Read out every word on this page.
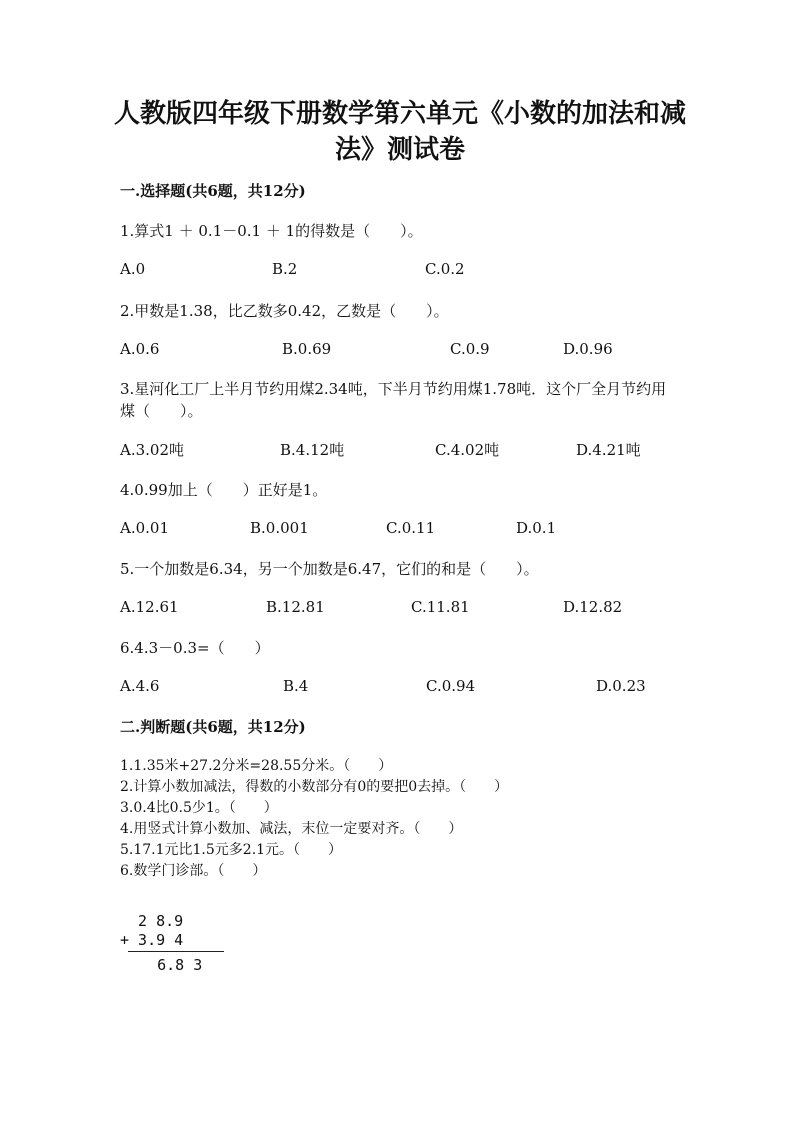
人教版四年级下册数学第六单元《小数的加法和减法》测试卷
一.选择题(共6题，共12分)
1.算式1 ＋ 0.1－0.1 ＋ 1的得数是（　　）。
A.0	B.2	C.0.2
2.甲数是1.38，比乙数多0.42，乙数是（　　）。
A.0.6	B.0.69	C.0.9	D.0.96
3.星河化工厂上半月节约用煤2.34吨，下半月节约用煤1.78吨．这个厂全月节约用煤（　　）。
A.3.02吨	B.4.12吨	C.4.02吨	D.4.21吨
4.0.99加上（　　）正好是1。
A.0.01	B.0.001	C.0.11	D.0.1
5.一个加数是6.34，另一个加数是6.47，它们的和是（　　）。
A.12.61	B.12.81	C.11.81	D.12.82
6.4.3－0.3=（　　）
A.4.6	B.4	C.0.94	D.0.23
二.判断题(共6题，共12分)
1.1.35米+27.2分米=28.55分米。（　　）
2.计算小数加减法，得数的小数部分有0的要把0去掉。（　　）
3.0.4比0.5少1。（　　）
4.用竖式计算小数加、减法，末位一定要对齐。（　　）
5.17.1元比1.5元多2.1元。（　　）
6.数学门诊部。（　　）
2 8.9
+ 3.9 4
6.8 3
